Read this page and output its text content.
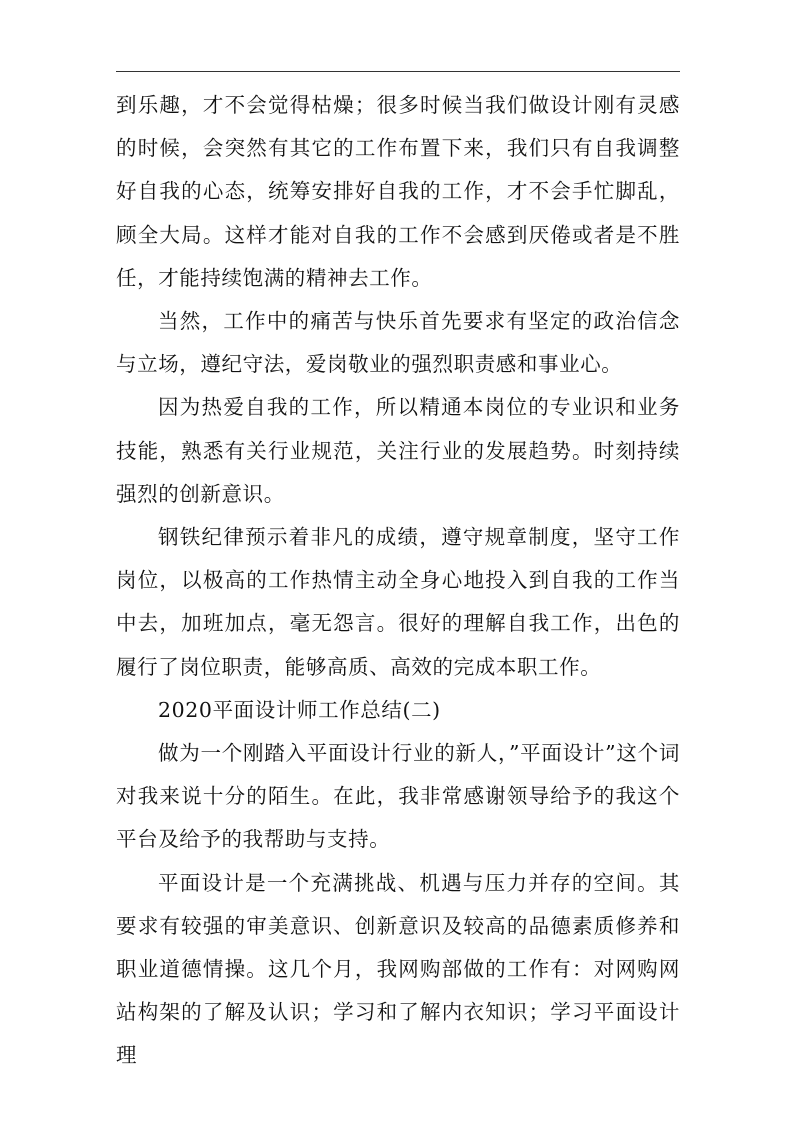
到乐趣，才不会觉得枯燥；很多时候当我们做设计刚有灵感的时候，会突然有其它的工作布置下来，我们只有自我调整好自我的心态，统筹安排好自我的工作，才不会手忙脚乱，顾全大局。这样才能对自我的工作不会感到厌倦或者是不胜任，才能持续饱满的精神去工作。

当然，工作中的痛苦与快乐首先要求有坚定的政治信念与立场，遵纪守法，爱岗敬业的强烈职责感和事业心。

因为热爱自我的工作，所以精通本岗位的专业识和业务技能，熟悉有关行业规范，关注行业的发展趋势。时刻持续强烈的创新意识。

钢铁纪律预示着非凡的成绩，遵守规章制度，坚守工作岗位，以极高的工作热情主动全身心地投入到自我的工作当中去，加班加点，毫无怨言。很好的理解自我工作，出色的履行了岗位职责，能够高质、高效的完成本职工作。

2020平面设计师工作总结(二)

做为一个刚踏入平面设计行业的新人，”平面设计”这个词对我来说十分的陌生。在此，我非常感谢领导给予的我这个平台及给予的我帮助与支持。

平面设计是一个充满挑战、机遇与压力并存的空间。其要求有较强的审美意识、创新意识及较高的品德素质修养和职业道德情操。这几个月，我网购部做的工作有：对网购网站构架的了解及认识；学习和了解内衣知识；学习平面设计理
